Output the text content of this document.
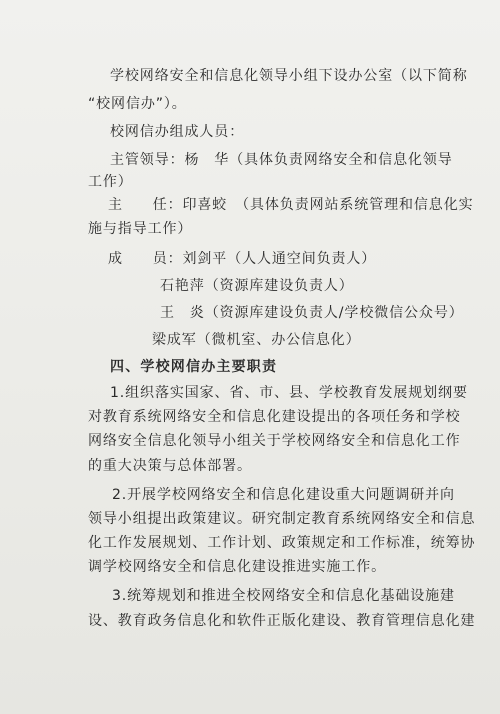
学校网络安全和信息化领导小组下设办公室（以下简称
“校网信办”）。
校网信办组成人员：
主管领导：杨　华（具体负责网络安全和信息化领导
工作）
主　　任：印喜蛟　（具体负责网站系统管理和信息化实
施与指导工作）
成　　员：刘剑平（人人通空间负责人）
石艳萍（资源库建设负责人）
王　炎（资源库建设负责人/学校微信公众号）
梁成军（微机室、办公信息化）
四、学校网信办主要职责
1.组织落实国家、省、市、县、学校教育发展规划纲要
对教育系统网络安全和信息化建设提出的各项任务和学校
网络安全信息化领导小组关于学校网络安全和信息化工作
的重大决策与总体部署。
2.开展学校网络安全和信息化建设重大问题调研并向
领导小组提出政策建议。研究制定教育系统网络安全和信息
化工作发展规划、工作计划、政策规定和工作标准，统筹协
调学校网络安全和信息化建设推进实施工作。
3.统筹规划和推进全校网络安全和信息化基础设施建
设、教育政务信息化和软件正版化建设、教育管理信息化建
